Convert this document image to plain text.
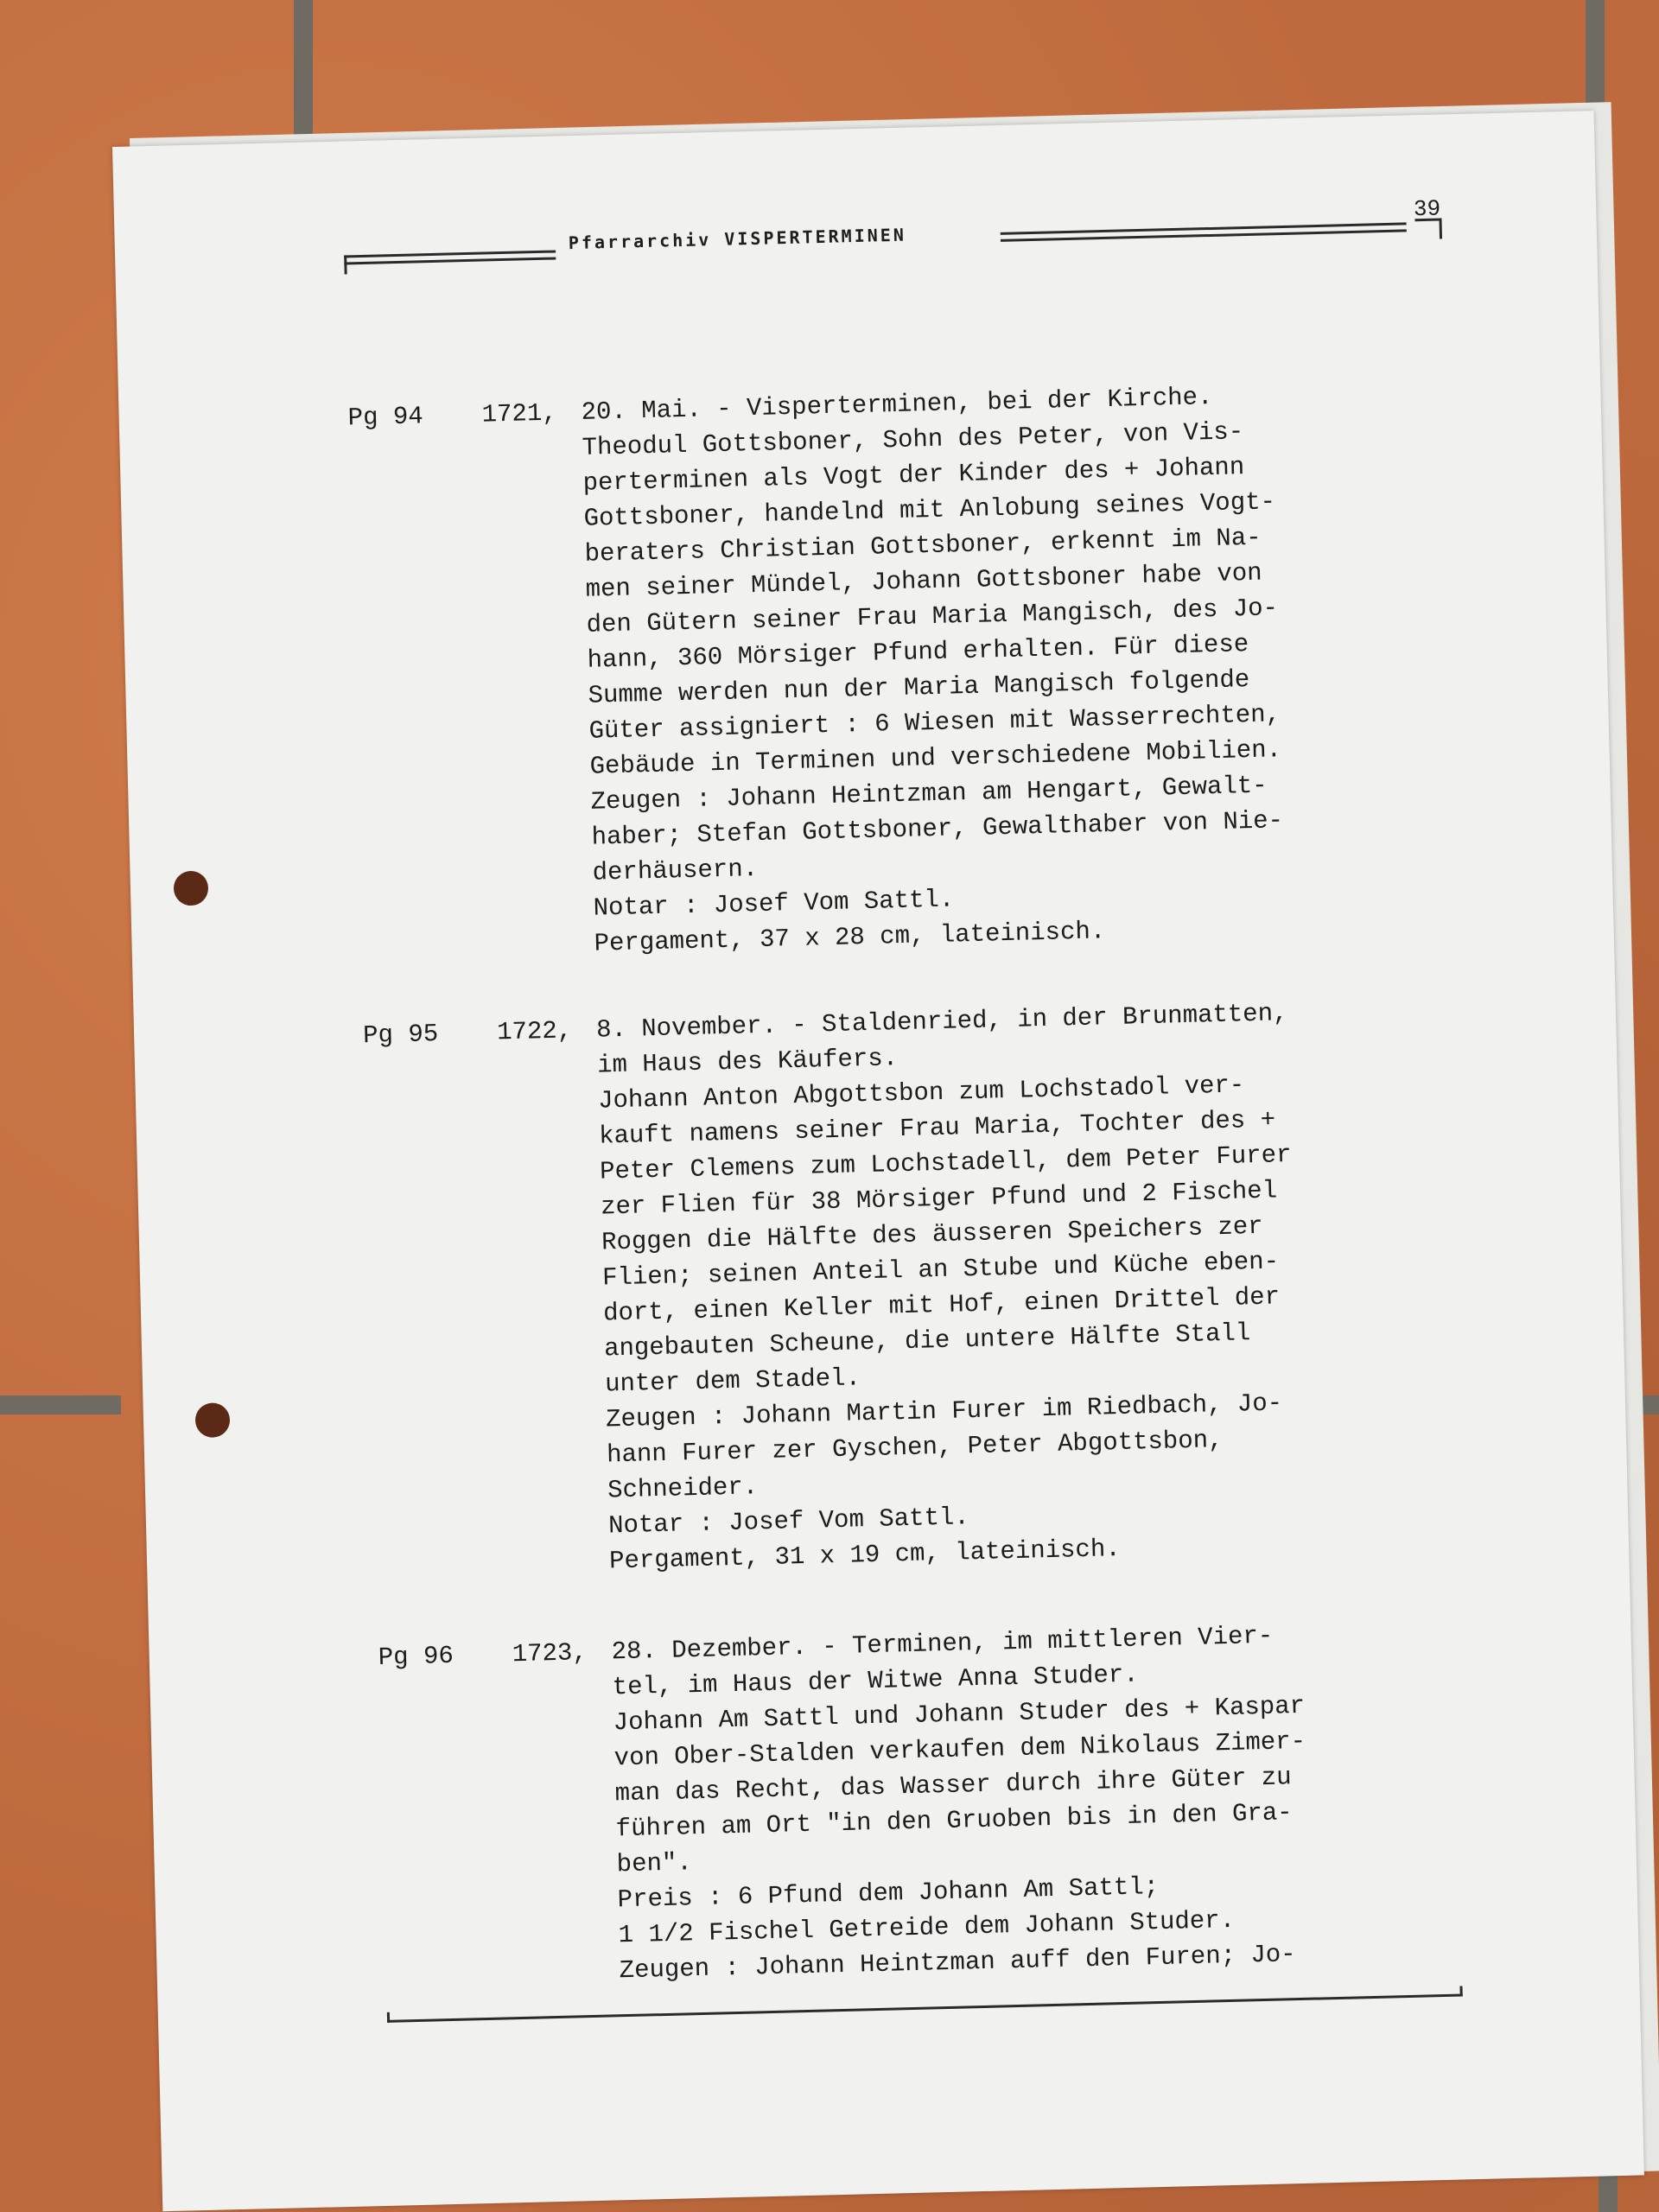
Pfarrarchiv VISPERTERMINEN
39
Pg 94 1721, 20. Mai. - Visperterminen, bei der Kirche.
Theodul Gottsboner, Sohn des Peter, von Vis-
perterminen als Vogt der Kinder des + Johann
Gottsboner, handelnd mit Anlobung seines Vogt-
beraters Christian Gottsboner, erkennt im Na-
men seiner Mündel, Johann Gottsboner habe von
den Gütern seiner Frau Maria Mangisch, des Jo-
hann, 360 Mörsiger Pfund erhalten. Für diese
Summe werden nun der Maria Mangisch folgende
Güter assigniert : 6 Wiesen mit Wasserrechten,
Gebäude in Terminen und verschiedene Mobilien.
Zeugen : Johann Heintzman am Hengart, Gewalt-
haber; Stefan Gottsboner, Gewalthaber von Nie-
derhäusern.
Notar : Josef Vom Sattl.
Pergament, 37 x 28 cm, lateinisch.
Pg 95 1722, 8. November. - Staldenried, in der Brunmatten,
im Haus des Käufers.
Johann Anton Abgottsbon zum Lochstadol ver-
kauft namens seiner Frau Maria, Tochter des +
Peter Clemens zum Lochstadell, dem Peter Furer
zer Flien für 38 Mörsiger Pfund und 2 Fischel
Roggen die Hälfte des äusseren Speichers zer
Flien; seinen Anteil an Stube und Küche eben-
dort, einen Keller mit Hof, einen Drittel der
angebauten Scheune, die untere Hälfte Stall
unter dem Stadel.
Zeugen : Johann Martin Furer im Riedbach, Jo-
hann Furer zer Gyschen, Peter Abgottsbon,
Schneider.
Notar : Josef Vom Sattl.
Pergament, 31 x 19 cm, lateinisch.
Pg 96 1723, 28. Dezember. - Terminen, im mittleren Vier-
tel, im Haus der Witwe Anna Studer.
Johann Am Sattl und Johann Studer des + Kaspar
von Ober-Stalden verkaufen dem Nikolaus Zimer-
man das Recht, das Wasser durch ihre Güter zu
führen am Ort "in den Gruoben bis in den Gra-
ben".
Preis : 6 Pfund dem Johann Am Sattl;
1 1/2 Fischel Getreide dem Johann Studer.
Zeugen : Johann Heintzman auff den Furen; Jo-
